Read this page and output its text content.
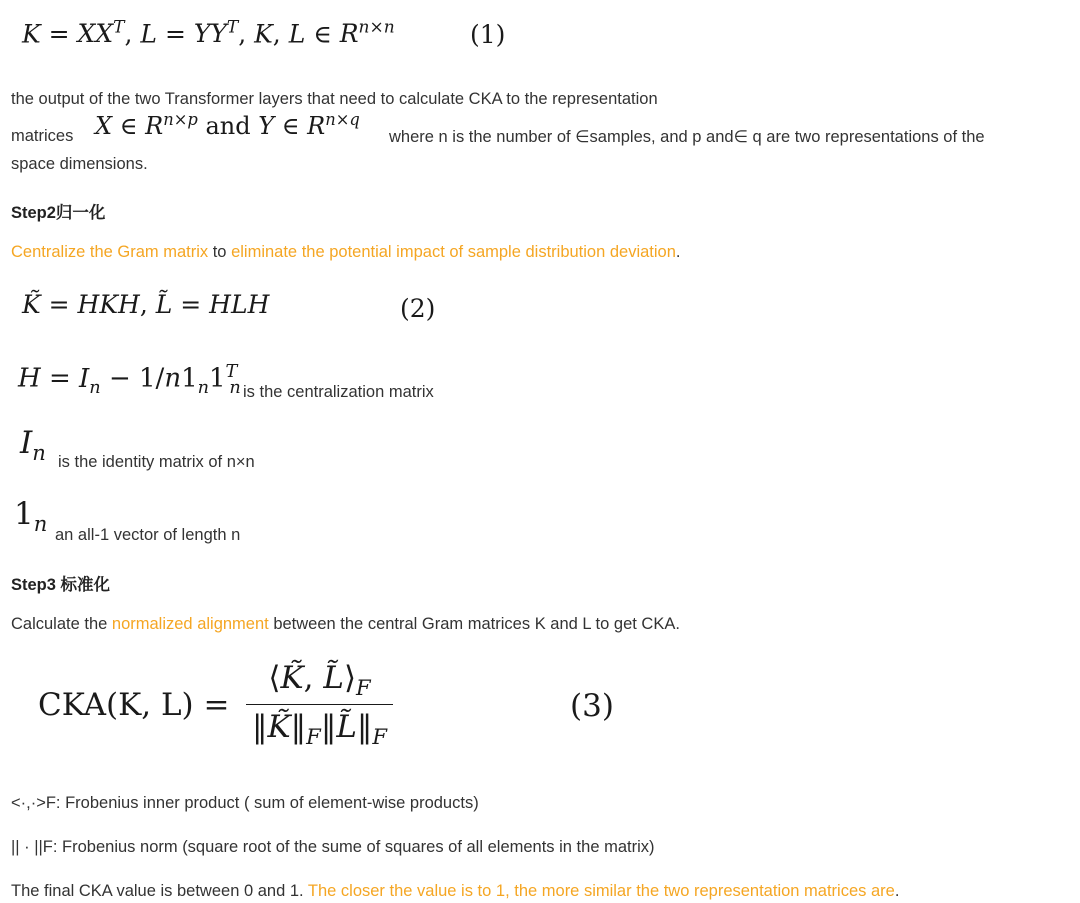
$K = XX^T$, $L = YY^T$, K, L ∈ $R^{n\times n}$	(1)
the output of the two Transformer layers that need to calculate CKA to the representation
matrices X ∈ $R^{n\times p}$ and Y ∈ $R^{n\times q}$
where n is the number of ∈samples, and p and∈ q are two representations of the
space dimensions.
Step2归一化
Centralize the Gram matrix to eliminate the potential impact of sample distribution deviation.
K̃ = HKH, L̃ = HLH	(2)
$H = I_n - 1/n1_n1^T_n$ is the centralization matrix
$I_n$ is the identity matrix of n×n
$1_n$ an all-1 vector of length n
Step3 标准化
Calculate the normalized alignment between the central Gram matrices K and L to get CKA.
CKA(K, $L) = \frac{⟨K̃, L̃⟩_F}{‖K̃‖_F‖L̃‖_F}$	(3)
<·,·>F: Frobenius inner product ( sum of element-wise products)
|| · ||F: Frobenius norm (square root of the sume of squares of all elements in the matrix)
The final CKA value is between 0 and 1. The closer the value is to 1, the more similar the two representation matrices are.
